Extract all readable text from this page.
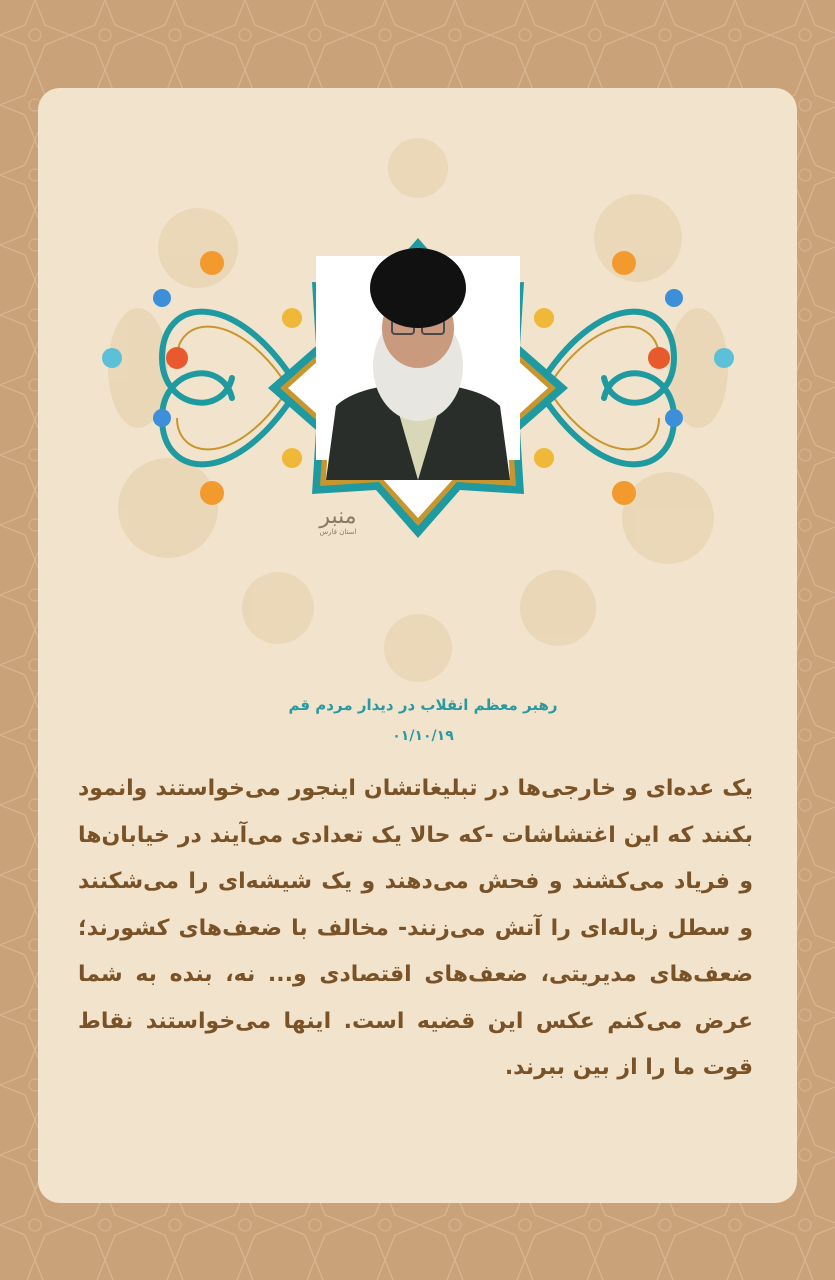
منبر
استان فارس
رهبر معظم انقلاب در دیدار مردم قم
۰۱/۱۰/۱۹
یک عده‌ای و خارجی‌ها در تبلیغاتشان اینجور می‌خواستند وانمود بکنند که این اغتشاشات -که حالا یک تعدادی می‌آیند در خیابان‌ها و فریاد می‌کشند و فحش می‌دهند و یک شیشه‌ای را می‌شکنند و سطل زباله‌ای را آتش می‌زنند- مخالف با ضعف‌های کشورند؛ ضعف‌های مدیریتی، ضعف‌های اقتصادی و... نه، بنده به شما عرض می‌کنم عکس این قضیه است. اینها می‌خواستند نقاط قوت ما را از بین ببرند.
